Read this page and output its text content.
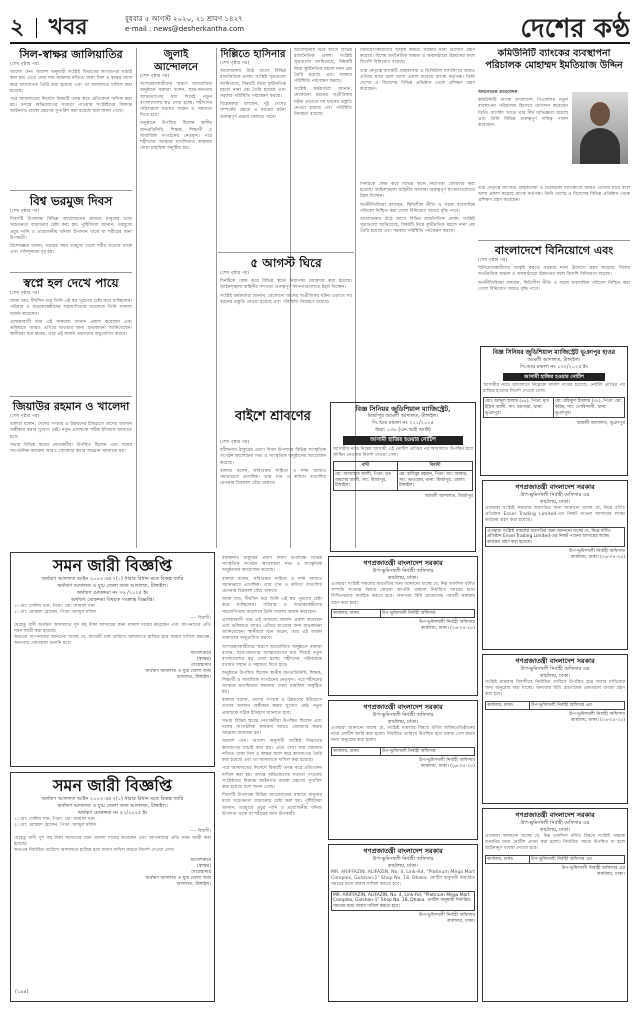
২ খবর	বুধবার ৫ আগস্ট ২০২০, ২১ শ্রাবণ ১৪২৭
e-mail : news@desherkantha.com	দেশের কণ্ঠ
সিল-স্বাক্ষর জালিয়াতির

(শেষ পৃষ্ঠার পর)

আদেশ দেন। আদেশ অনুযায়ী সংশ্লিষ্ট বিভাগের কাগজপত্র যাচাই করা হয়। এতে দেখা যায় মামলার নথিতে থাকা সিল ও স্বাক্ষর জাল করে কাগজপত্র তৈরি করা হয়েছে এবং তা আদালতে দাখিল করা হয়েছে।

পরে আদালতের নির্দেশে বিষয়টি তদন্ত করে প্রতিবেদন দাখিল করা হয়। তদন্তে অভিযোগের সত্যতা পাওয়ায় সংশ্লিষ্টদের বিরুদ্ধে আইনগত ব্যবস্থা গ্রহণের সুপারিশ করা হয়েছে বলে জানা গেছে।

বিশ্ব ভরমুজ দিবস

(শেষ পৃষ্ঠার পর)

দিবসটি উপলক্ষে বিভিন্ন আয়োজনের মাধ্যমে মানুষের মধ্যে সচেতনতা বাড়ানোর চেষ্টা করা হয়। পুষ্টিবিদরা জানান, তরমুজে প্রচুর পানি ও প্রয়োজনীয় খনিজ উপাদান থাকে যা শরীরের জন্য উপকারী।

বিশেষজ্ঞরা বলেন, গরমের সময় তরমুজ খেলে শরীর সতেজ থাকে এবং পানিশূন্যতা দূর হয়।

স্বপ্নে হল দেখে পায়ে

(শেষ পৃষ্ঠার পর)

জানা যায়, দীর্ঘদিন ধরে তিনি এই স্বপ্ন পূরণের চেষ্টা করে যাচ্ছিলেন। পরিবার ও শুভাকাঙ্ক্ষীদের সহযোগিতায় অবশেষে তিনি সাফল্য অর্জন করেছেন।

এলাকাবাসী তার এই সাফল্যে আনন্দ প্রকাশ করেছেন এবং ভবিষ্যতে আরও এগিয়ে যাওয়ার জন্য শুভকামনা জানিয়েছেন। স্থানীয়রা মনে করেন, তার এই অর্জন তরুণদের অনুপ্রাণিত করবে।

জিয়াউর রহমান ও খালেদা

(শেষ পৃষ্ঠার পর)

বক্তারা বলেন, দেশের গণতন্ত্র ও উন্নয়নের ইতিহাসে তাদের অবদান অস্বীকার করার সুযোগ নেই। নতুন প্রজন্মকে সঠিক ইতিহাস জানাতে হবে।

সভায় বিভিন্ন স্তরের নেতাকর্মীরা উপস্থিত ছিলেন এবং দলের সাংগঠনিক কার্যক্রম আরও জোরদার করার আহ্বান জানানো হয়।

জুলাই আন্দোলনে

(শেষ পৃষ্ঠার পর)

অংশগ্রহণকারীদের স্মরণে আয়োজিত অনুষ্ঠানে বক্তারা বলেন, ছাত্র-জনতার আত্মত্যাগের মধ্য দিয়েই নতুন বাংলাদেশের স্বপ্ন দেখা হচ্ছে। শহীদদের পরিবারকে যথাযথ সম্মান ও সহায়তা দিতে হবে।

অনুষ্ঠানে উপস্থিত ছিলেন স্থানীয় জনপ্রতিনিধি, শিক্ষক, শিক্ষার্থী ও সামাজিক সংগঠনের নেতৃবৃন্দ। পরে শহীদদের আত্মার মাগফিরাত কামনায় দোয়া মাহফিল অনুষ্ঠিত হয়।

দিল্লিতে হাসিনার

(শেষ পৃষ্ঠার পর)

আলোচনায় উঠে আসে বিভিন্ন রাজনৈতিক প্রসঙ্গ। সংশ্লিষ্ট সূত্রগুলো জানিয়েছে, বিষয়টি নিয়ে কূটনৈতিক মহলে নানা প্রশ্ন তৈরি হয়েছে এবং সরকার পরিস্থিতি পর্যবেক্ষণ করছে।

বিশ্লেষকরা বলছেন, দুই দেশের সম্পর্কের ক্ষেত্রে এ ধরনের ঘটনা গুরুত্বপূর্ণ প্রভাব ফেলতে পারে।

৫ আগস্ট ঘিরে

(শেষ পৃষ্ঠার পর)

দিনটিকে কেন্দ্র করে বিভিন্ন স্থানে নিরাপত্তা জোরদার করা হয়েছে। আইনশৃঙ্খলা বাহিনীর সদস্যরা গুরুত্বপূর্ণ স্থাপনাগুলোতে টহল দিচ্ছেন।

সংশ্লিষ্ট কর্মকর্তারা জানান, যেকোনো ধরনের অপ্রীতিকর ঘটনা এড়াতে সব ধরনের প্রস্তুতি নেওয়া হয়েছে এবং পরিস্থিতি নিয়ন্ত্রণে রয়েছে।

আলোচনায় উঠে আসে বিভিন্ন রাজনৈতিক প্রসঙ্গ। সংশ্লিষ্ট সূত্রগুলো জানিয়েছে, বিষয়টি নিয়ে কূটনৈতিক মহলে নানা প্রশ্ন তৈরি হয়েছে এবং সরকার পরিস্থিতি পর্যবেক্ষণ করছে।

সংশ্লিষ্ট কর্মকর্তারা জানান, যেকোনো ধরনের অপ্রীতিকর ঘটনা এড়াতে সব ধরনের প্রস্তুতি নেওয়া হয়েছে এবং পরিস্থিতি নিয়ন্ত্রণে রয়েছে।

বিনিয়োগকারীদের আকৃষ্ট করতে সরকার নানা উদ্যোগ গ্রহণ করেছে। বিশেষ অর্থনৈতিক অঞ্চল ও অবকাঠামো উন্নয়নের ফলে বিদেশি বিনিয়োগ বাড়ছে।

তার নেতৃত্বে ব্যাংকটি গ্রাহকসেবা ও ডিজিটাল ব্যাংকিংয়ে আরও এগিয়ে যাবে বলে আশা প্রকাশ করেছে ব্যাংক কর্তৃপক্ষ। তিনি দেশের ও বিদেশের বিভিন্ন প্রতিষ্ঠান থেকে প্রশিক্ষণ গ্রহণ করেছেন।

কমিউনিটি ব্যাংকের ব্যবস্থাপনা পরিচালক মোহাম্মদ ইমতিয়াজ উদ্দিন

অর্থনৈতিক প্রতিবেদক

কমিউনিটি ব্যাংক বাংলাদেশ পিএলসির নতুন ব্যবস্থাপনা পরিচালক হিসেবে যোগদান করেছেন তিনি। ব্যাংকিং খাতে তার দীর্ঘ অভিজ্ঞতা রয়েছে এবং তিনি বিভিন্ন গুরুত্বপূর্ণ দায়িত্ব পালন করেছেন।

তার নেতৃত্বে ব্যাংকটি গ্রাহকসেবা ও ডিজিটাল ব্যাংকিংয়ে আরও এগিয়ে যাবে বলে আশা প্রকাশ করেছে ব্যাংক কর্তৃপক্ষ। তিনি দেশের ও বিদেশের বিভিন্ন প্রতিষ্ঠান থেকে প্রশিক্ষণ গ্রহণ করেছেন।

বাংলাদেশে বিনিয়োগে এবং

(শেষ পৃষ্ঠার পর)

বিনিয়োগকারীদের আকৃষ্ট করতে সরকার নানা উদ্যোগ গ্রহণ করেছে। বিশেষ অর্থনৈতিক অঞ্চল ও অবকাঠামো উন্নয়নের ফলে বিদেশি বিনিয়োগ বাড়ছে।

অর্থনীতিবিদরা বলছেন, স্থিতিশীল নীতি ও সহজ ব্যবসায়িক পরিবেশ নিশ্চিত করা গেলে বিনিয়োগ আরও বৃদ্ধি পাবে।

বিজ্ঞ সিনিয়র জুডিশিয়াল ম্যাজিস্ট্রেট ভূঞাপুর হাওর
আমলী আদালত, টাঙ্গাইল।
সি.আর মামলা নং ১৩২/২০২৫ ইং
আসামী হাজির হওয়ার নোটিশ
আসামীর নামে আদালতে নিম্নোক্ত মামলা দায়ের হয়েছে। নোটিশ প্রাপ্তির পর হাজির হওয়ার নির্দেশ দেওয়া গেল।
মোঃ আব্দুল ছালাম (৪৫), পিতা: মৃত ইদ্রিস আলী, সাং: চরপাড়া, থানা: ভূঞাপুর।	মো: রফিকুল ইসলাম (৩৮), পিতা: মো: করিম, সাং: গোবিন্দাসী, থানা: ভূঞাপুর।
আমলী আদালত, ভূঞাপুর

দিনটিকে কেন্দ্র করে বিভিন্ন স্থানে নিরাপত্তা জোরদার করা হয়েছে। আইনশৃঙ্খলা বাহিনীর সদস্যরা গুরুত্বপূর্ণ স্থাপনাগুলোতে টহল দিচ্ছেন।

অর্থনীতিবিদরা বলছেন, স্থিতিশীল নীতি ও সহজ ব্যবসায়িক পরিবেশ নিশ্চিত করা গেলে বিনিয়োগ আরও বৃদ্ধি পাবে।

আলোচনায় উঠে আসে বিভিন্ন রাজনৈতিক প্রসঙ্গ। সংশ্লিষ্ট সূত্রগুলো জানিয়েছে, বিষয়টি নিয়ে কূটনৈতিক মহলে নানা প্রশ্ন তৈরি হয়েছে এবং সরকার পরিস্থিতি পর্যবেক্ষণ করছে।

বিজ্ঞ সিনিয়র জুডিশিয়াল ম্যাজিস্ট্রেট,
মির্জাপুর আমলী আদালত, টাঙ্গাইল।
সি.আর মামলা নং ২১১/২০২৫
ধারা: ১৩৮ (এন.আই অ্যাক্ট)
আসামী হাজির হওয়ার নোটিশ
আসামীর নামে নিম্নের আসামী এই নোটিশ প্রাপ্তির পর আদালতে উপস্থিত হয়ে জামিন নেওয়ার নির্দেশ দেওয়া গেল।
বাদী	বিবাদী
মো: আজাহার আলী, পিতা: মৃত জমশের আলী, সাং: মির্জাপুর, টাঙ্গাইল।	মো: হাবিবুর রহমান, পিতা: আ: জব্বার, সাং: ভাতগ্রাম, থানা: মির্জাপুর, জেলা: টাঙ্গাইল।
আমলী আদালত, মির্জাপুর
বাইশে শ্রাবণের

(শেষ পৃষ্ঠার পর)

রবীন্দ্রনাথ ঠাকুরের প্রয়াণ দিবস উপলক্ষে বিভিন্ন সাংস্কৃতিক সংগঠন আলোচনা সভা ও সাংস্কৃতিক অনুষ্ঠানের আয়োজন করেছে।

বক্তারা বলেন, কবিগুরুর সাহিত্য ও দর্শন আজও সমানভাবে প্রাসঙ্গিক। তার গান ও কবিতা বাঙালির চেতনায় চিরকাল বেঁচে থাকবে।

সমন জারী বিজ্ঞপ্তি
অর্থঋণ আদালত আইন ২০০৩ এর ৭(১) ধারার বিধান মতে বিকল্প জারি
অর্থঋণ আদালত ও যুগ্ম জেলা জজ আদালত, টাঙ্গাইল।
অর্থঋণ মোকদ্দমা নং ৭৬ /২০২৫ ইং
অর্থঋণ মোকদ্দমা বিষয়ক সংক্রান্ত বিজ্ঞপ্তি।
১। মো: সেলিম খান, পিতা: মো: জামাল খান
২। মো: মোস্তফা হোসেন, পিতা: আব্দুল মজিদ
---- বিবাদী।
যেহেতু বাদী অর্থঋণ আদালতে সুদ সহ টাকা আদায়ের জন্য মামলা দায়ের করেছেন এবং আপনাদের প্রতি সমন জারী করা হয়েছে।
অতএব আপনাদের জানানো যাচ্ছে যে, আগামী ধার্য তারিখে আদালতে হাজির হয়ে জবাব দাখিল করবেন, অন্যথায় একতরফা শুনানি হবে।
আদেশক্রমে
(স্বাক্ষর)
সেরেস্তাদার
অর্থঋণ আদালত ও যুগ্ম জেলা জজ
আদালত, টাঙ্গাইল।
সমন জারী বিজ্ঞপ্তি
অর্থঋণ আদালত আইন ২০০৩ এর ৭(১) ধারার বিধান মতে বিকল্প জারি
অর্থঋণ আদালত ও যুগ্ম জেলা জজ আদালত, টাঙ্গাইল।
অর্থঋণ মোকদ্দমা নং ৫২/২০২৫ ইং
১। মো: সেলিম খান, পিতা: মো: জামাল খান
২। মো: মোস্তফা হোসেন, পিতা: আব্দুল মজিদ
---- বিবাদী।
যেহেতু বাদী সুদ সহ টাকা আদায়ের জন্য মামলা দায়ের করেছেন এবং আপনাদের প্রতি সমন জারী করা হয়েছে।
অতএব নির্ধারিত তারিখে আদালতে হাজির হয়ে জবাব দাখিল করতে নির্দেশ দেওয়া গেল।
আদেশক্রমে
(স্বাক্ষর)
সেরেস্তাদার
অর্থঋণ আদালত ও যুগ্ম জেলা জজ
আদালত, টাঙ্গাইল।
(১৯৪)

রবীন্দ্রনাথ ঠাকুরের প্রয়াণ দিবস উপলক্ষে বিভিন্ন সাংস্কৃতিক সংগঠন আলোচনা সভা ও সাংস্কৃতিক অনুষ্ঠানের আয়োজন করেছে।

বক্তারা বলেন, কবিগুরুর সাহিত্য ও দর্শন আজও সমানভাবে প্রাসঙ্গিক। তার গান ও কবিতা বাঙালির চেতনায় চিরকাল বেঁচে থাকবে।

জানা যায়, দীর্ঘদিন ধরে তিনি এই স্বপ্ন পূরণের চেষ্টা করে যাচ্ছিলেন। পরিবার ও শুভাকাঙ্ক্ষীদের সহযোগিতায় অবশেষে তিনি সাফল্য অর্জন করেছেন।

এলাকাবাসী তার এই সাফল্যে আনন্দ প্রকাশ করেছেন এবং ভবিষ্যতে আরও এগিয়ে যাওয়ার জন্য শুভকামনা জানিয়েছেন। স্থানীয়রা মনে করেন, তার এই অর্জন তরুণদের অনুপ্রাণিত করবে।

অংশগ্রহণকারীদের স্মরণে আয়োজিত অনুষ্ঠানে বক্তারা বলেন, ছাত্র-জনতার আত্মত্যাগের মধ্য দিয়েই নতুন বাংলাদেশের স্বপ্ন দেখা হচ্ছে। শহীদদের পরিবারকে যথাযথ সম্মান ও সহায়তা দিতে হবে।

অনুষ্ঠানে উপস্থিত ছিলেন স্থানীয় জনপ্রতিনিধি, শিক্ষক, শিক্ষার্থী ও সামাজিক সংগঠনের নেতৃবৃন্দ। পরে শহীদদের আত্মার মাগফিরাত কামনায় দোয়া মাহফিল অনুষ্ঠিত হয়।

বক্তারা বলেন, দেশের গণতন্ত্র ও উন্নয়নের ইতিহাসে তাদের অবদান অস্বীকার করার সুযোগ নেই। নতুন প্রজন্মকে সঠিক ইতিহাস জানাতে হবে।

সভায় বিভিন্ন স্তরের নেতাকর্মীরা উপস্থিত ছিলেন এবং দলের সাংগঠনিক কার্যক্রম আরও জোরদার করার আহ্বান জানানো হয়।

আদেশ দেন। আদেশ অনুযায়ী সংশ্লিষ্ট বিভাগের কাগজপত্র যাচাই করা হয়। এতে দেখা যায় মামলার নথিতে থাকা সিল ও স্বাক্ষর জাল করে কাগজপত্র তৈরি করা হয়েছে এবং তা আদালতে দাখিল করা হয়েছে।

পরে আদালতের নির্দেশে বিষয়টি তদন্ত করে প্রতিবেদন দাখিল করা হয়। তদন্তে অভিযোগের সত্যতা পাওয়ায় সংশ্লিষ্টদের বিরুদ্ধে আইনগত ব্যবস্থা গ্রহণের সুপারিশ করা হয়েছে বলে জানা গেছে।

দিবসটি উপলক্ষে বিভিন্ন আয়োজনের মাধ্যমে মানুষের মধ্যে সচেতনতা বাড়ানোর চেষ্টা করা হয়। পুষ্টিবিদরা জানান, তরমুজে প্রচুর পানি ও প্রয়োজনীয় খনিজ উপাদান থাকে যা শরীরের জন্য উপকারী।

গণপ্রজাতন্ত্রী বাংলাদেশ সরকার
উপ-ভূমিদখলী নির্বাহী অফিসার
কার্যালয়, ঢাকা।
এতদ্বারা সংশ্লিষ্ট সকলের অবগতির জন্য জানানো যাচ্ছে যে, নিম্ন তফসিল বর্ণিত সম্পত্তি সংক্রান্ত বিষয়ে কোনো আপত্তি থাকলে নির্ধারিত সময়ের মধ্যে লিখিতভাবে অবহিত করতে হবে। অন্যথায় বিধি মোতাবেক পরবর্তী কার্যক্রম গ্রহণ করা হবে।
কার্যালয়, ঢাকা।	উপ-ভূমিদখলী নির্বাহী অফিসার
উপ-ভূমিদখলী নির্বাহী অফিসার
কার্যালয়, ঢাকা। (০৬-০৪-২৫)
গণপ্রজাতন্ত্রী বাংলাদেশ সরকার
উপ-ভূমিদখলী নির্বাহী অফিসার
কার্যালয়, ঢাকা।
এতদ্বারা জানানো যাচ্ছে যে, সংশ্লিষ্ট মামলার বিষয়ে বর্ণিত ব্যক্তি/প্রতিষ্ঠানের নামে নোটিশ জারি করা হলো। নির্ধারিত তারিখে উপস্থিত হয়ে বক্তব্য পেশ করার জন্য অনুরোধ করা হলো।
কার্যালয়, ঢাকা।	উপ-ভূমিদখলী নির্বাহী অফিসার
উপ-ভূমিদখলী নির্বাহী অফিসার
কার্যালয়, ঢাকা। (০৬-০৪-২৫)
গণপ্রজাতন্ত্রী বাংলাদেশ সরকার
উপ-ভূমিদখলী নির্বাহী অফিসার
কার্যালয়, ঢাকা।
MR. ARIFFAZIN, ALIFAZIN, No. 4, Link-Rd, "Platinum Mega Mart Complex, Gulshan-1" Shop No. 18, Dhaka. নোটিশ অনুযায়ী নির্ধারিত সময়ের মধ্যে জবাব দাখিল করতে হবে।
MR. ARIFFAZIN, ALIFAZIN, No. 4, Link-Rd, "Platinum Mega Mart Complex, Gulshan-1" Shop No. 18, Dhaka. নোটিশ অনুযায়ী নির্ধারিত সময়ের মধ্যে জবাব দাখিল করতে হবে।
উপ-ভূমিদখলী নির্বাহী অফিসার
কার্যালয়, ঢাকা।
গণপ্রজাতন্ত্রী বাংলাদেশ সরকার
উপ-ভূমিদখলী নির্বাহী অফিসার এর
কার্যালয়, ঢাকা।
এতদ্বারা সংশ্লিষ্ট সকলের অবগতির জন্য জানানো যাচ্ছে যে, নিম্নে বর্ণিত প্রতিষ্ঠান Ensel Trading Limited-এর নিকট পাওনা আদায়ের লক্ষ্যে কার্যক্রম গ্রহণ করা হয়েছে।
এতদ্বারা সংশ্লিষ্ট সকলের অবগতির জন্য জানানো যাচ্ছে যে, নিম্নে বর্ণিত প্রতিষ্ঠান Ensel Trading Limited-এর নিকট পাওনা আদায়ের লক্ষ্যে কার্যক্রম গ্রহণ করা হয়েছে।
উপ-ভূমিদখলী নির্বাহী অফিসার
কার্যালয়, ঢাকা। (০৬-০৪-২৫)
গণপ্রজাতন্ত্রী বাংলাদেশ সরকার
উপ-ভূমিদখলী নির্বাহী অফিসার এর
কার্যালয়, ঢাকা।
সংশ্লিষ্ট মামলার বিবাদীকে নির্ধারিত তারিখে উপস্থিত হয়ে জবাব দাখিলের জন্য অনুরোধ করা যাচ্ছে। অন্যথায় বিধি মোতাবেক একতরফা ব্যবস্থা গ্রহণ করা হবে।
কার্যালয়, ঢাকা।	উপ-ভূমিদখলী নির্বাহী অফিসার এর
উপ-ভূমিদখলী নির্বাহী অফিসার
কার্যালয়, ঢাকা। (০৬-০৪-২৫)
গণপ্রজাতন্ত্রী বাংলাদেশ সরকার
উপ-ভূমিদখলী নির্বাহী অফিসার এর
কার্যালয়, ঢাকা।
এতদ্বারা জানানো যাচ্ছে যে, নিম্ন তফসিল বর্ণিত বিষয়ে সংশ্লিষ্ট পক্ষকে শুনানির জন্য নোটিশ প্রদান করা হলো। নির্ধারিত সময়ে উপস্থিত না হলে আইনানুগ ব্যবস্থা নেওয়া হবে।
কার্যালয়, ঢাকা।	উপ-ভূমিদখলী নির্বাহী অফিসার এর
উপ-ভূমিদখলী নির্বাহী অফিসার এর
কার্যালয়, ঢাকা।
